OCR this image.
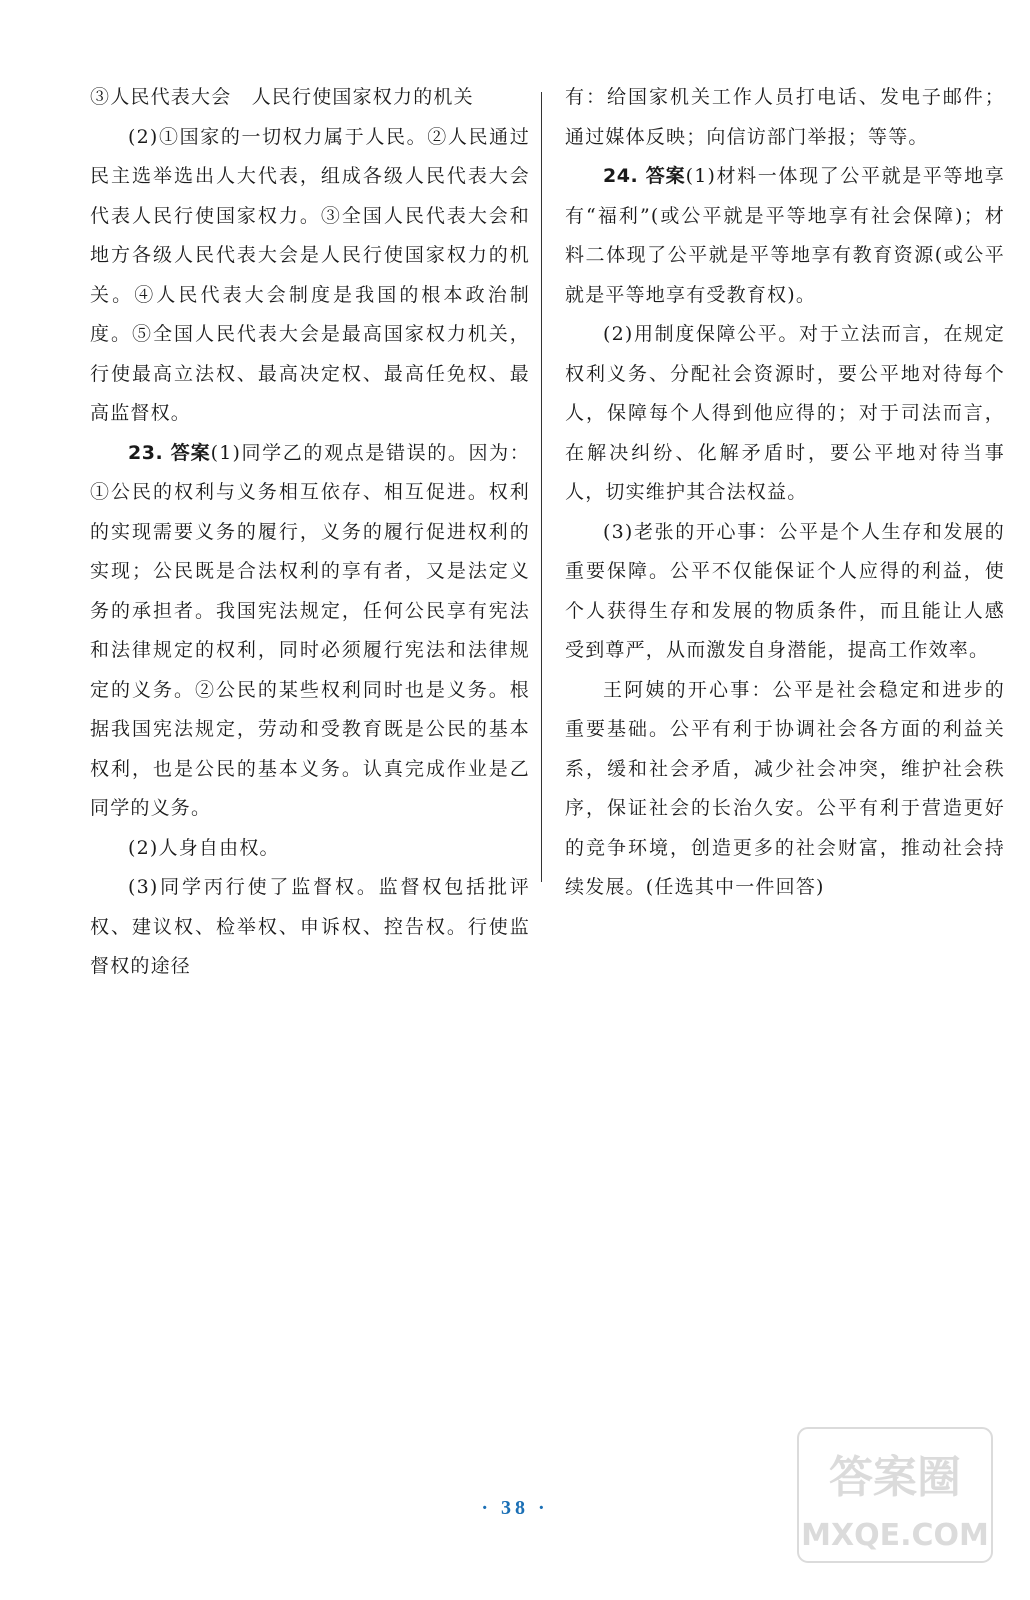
③人民代表大会　人民行使国家权力的机关

(2)①国家的一切权力属于人民。②人民通过民主选举选出人大代表，组成各级人民代表大会代表人民行使国家权力。③全国人民代表大会和地方各级人民代表大会是人民行使国家权力的机关。④人民代表大会制度是我国的根本政治制度。⑤全国人民代表大会是最高国家权力机关，行使最高立法权、最高决定权、最高任免权、最高监督权。

23. 答案(1)同学乙的观点是错误的。因为：①公民的权利与义务相互依存、相互促进。权利的实现需要义务的履行，义务的履行促进权利的实现；公民既是合法权利的享有者，又是法定义务的承担者。我国宪法规定，任何公民享有宪法和法律规定的权利，同时必须履行宪法和法律规定的义务。②公民的某些权利同时也是义务。根据我国宪法规定，劳动和受教育既是公民的基本权利，也是公民的基本义务。认真完成作业是乙同学的义务。

(2)人身自由权。

(3)同学丙行使了监督权。监督权包括批评权、建议权、检举权、申诉权、控告权。行使监督权的途径

有：给国家机关工作人员打电话、发电子邮件；通过媒体反映；向信访部门举报；等等。

24. 答案(1)材料一体现了公平就是平等地享有“福利”(或公平就是平等地享有社会保障)；材料二体现了公平就是平等地享有教育资源(或公平就是平等地享有受教育权)。

(2)用制度保障公平。对于立法而言，在规定权利义务、分配社会资源时，要公平地对待每个人，保障每个人得到他应得的；对于司法而言，在解决纠纷、化解矛盾时，要公平地对待当事人，切实维护其合法权益。

(3)老张的开心事：公平是个人生存和发展的重要保障。公平不仅能保证个人应得的利益，使个人获得生存和发展的物质条件，而且能让人感受到尊严，从而激发自身潜能，提高工作效率。

王阿姨的开心事：公平是社会稳定和进步的重要基础。公平有利于协调社会各方面的利益关系，缓和社会矛盾，减少社会冲突，维护社会秩序，保证社会的长治久安。公平有利于营造更好的竞争环境，创造更多的社会财富，推动社会持续发展。(任选其中一件回答)

· 38 ·
答案圈
MXQE.COM
